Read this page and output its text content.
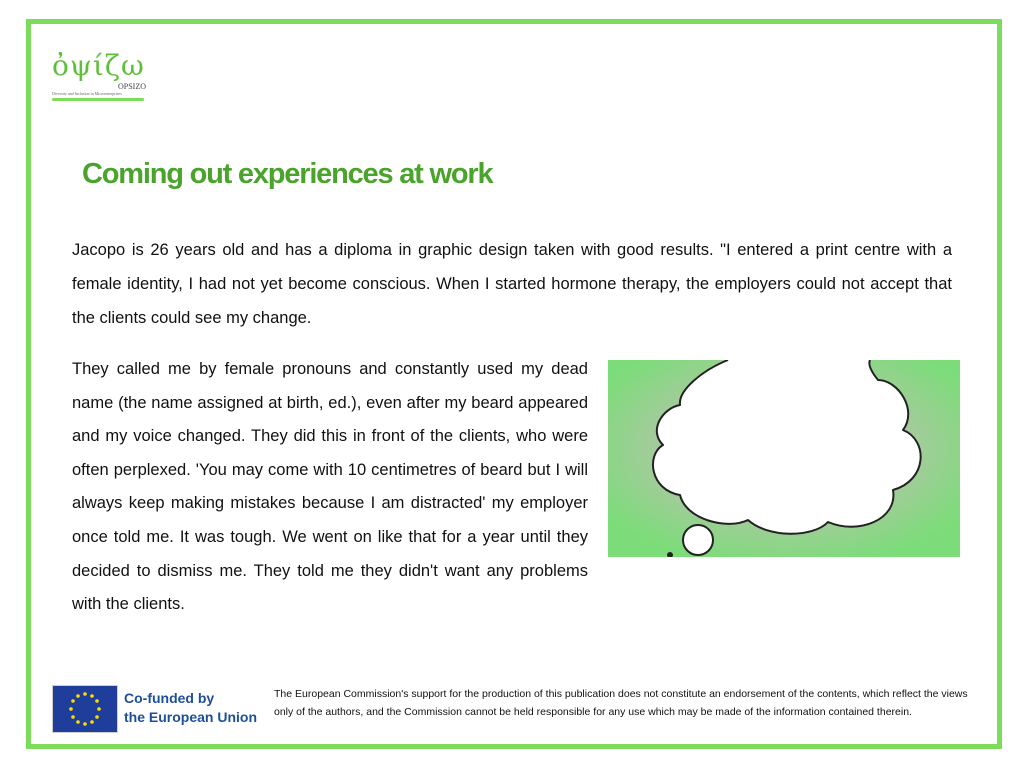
ὀψίζω
OPSIZO
Diversity and Inclusion in Microenterprises
Coming out experiences at work

Jacopo is 26 years old and has a diploma in graphic design taken with good results. "I entered a print centre with a female identity, I had not yet become conscious. When I started hormone therapy, the employers could not accept that the clients could see my change.

They called me by female pronouns and constantly used my dead name (the name assigned at birth, ed.), even after my beard appeared and my voice changed. They did this in front of the clients, who were often perplexed. 'You may come with 10 centimetres of beard but I will always keep making mistakes because I am distracted' my employer once told me. It was tough. We went on like that for a year until they decided to dismiss me. They told me they didn't want any problems with the clients.

Co-funded by
the European Union

The European Commission's support for the production of this publication does not constitute an endorsement of the contents, which reflect the views only of the authors, and the Commission cannot be held responsible for any use which may be made of the information contained therein.
